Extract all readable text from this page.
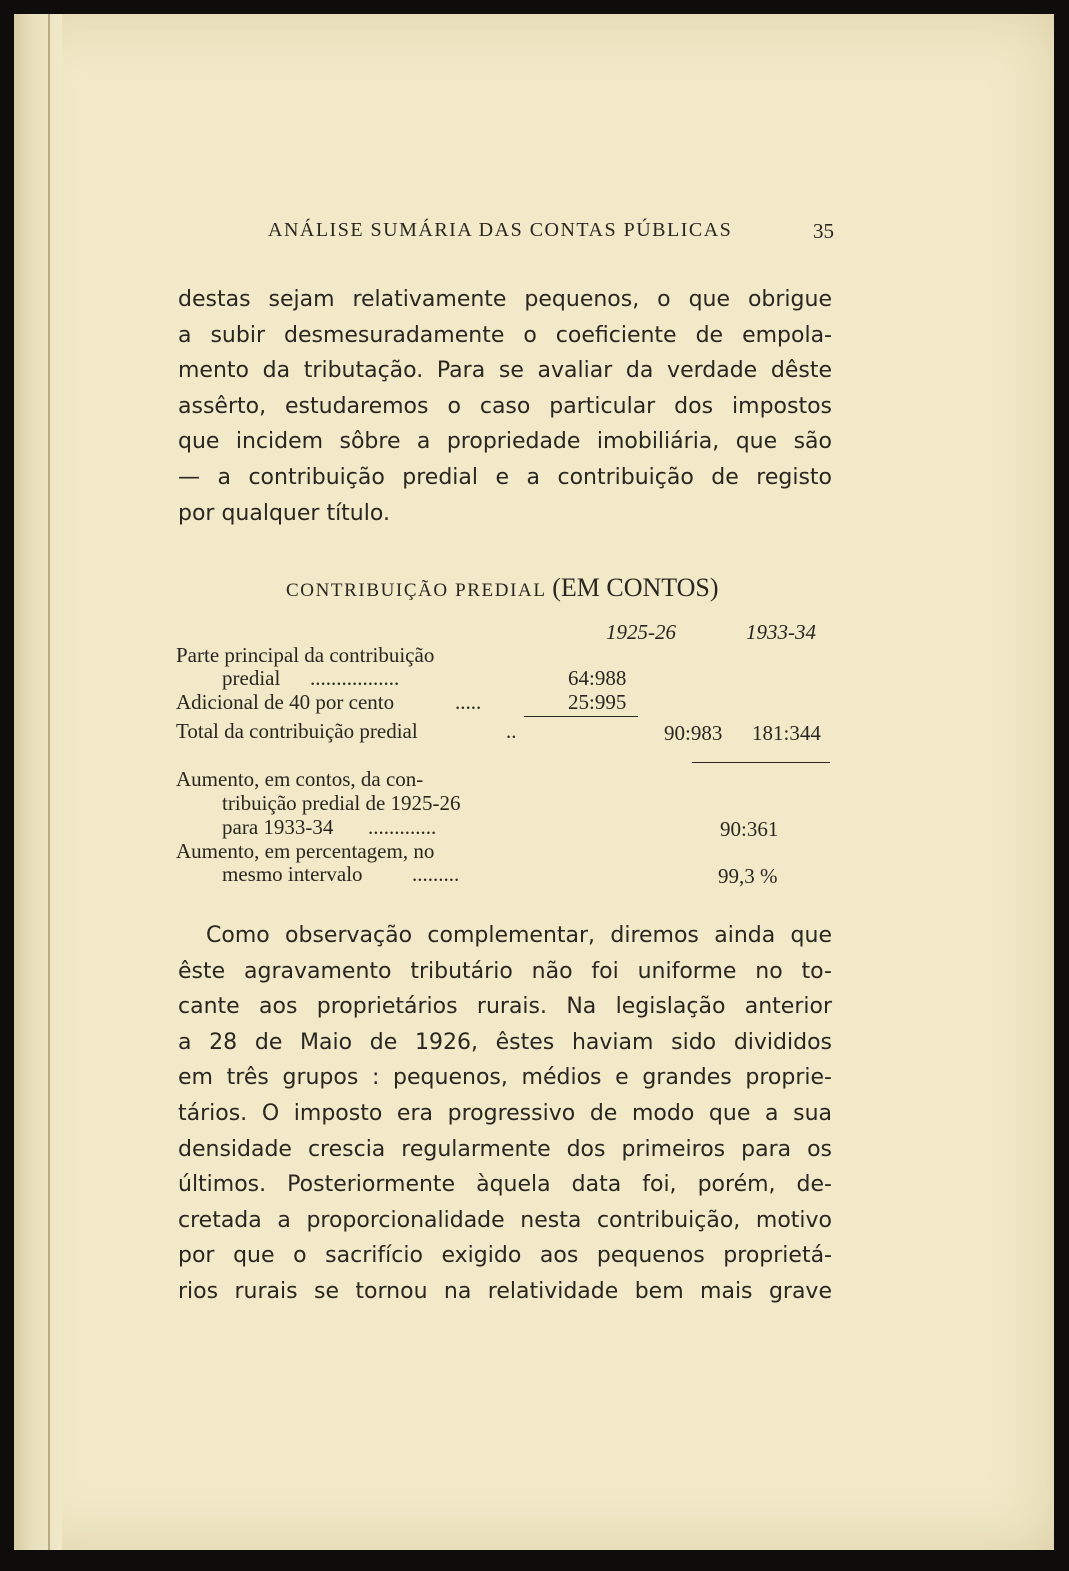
ANÁLISE SUMÁRIA DAS CONTAS PÚBLICAS	35

destas sejam relativamente pequenos, o que obrigue
a subir desmesuradamente o coeficiente de empola-
mento da tributação. Para se avaliar da verdade dêste
assêrto, estudaremos o caso particular dos impostos
que incidem sôbre a propriedade imobiliária, que são
— a contribuição predial e a contribuição de registo
por qualquer título.

CONTRIBUIÇÃO PREDIAL (EM CONTOS)
1925-26	1933-34
Parte principal da contribuição
predial .................	64:988
Adicional de 40 por cento	.....	25:995
Total da contribuição predial	..	90:983 181:344
Aumento, em contos, da con-
tribuição predial de 1925-26
para 1933-34 .............	90:361
Aumento, em percentagem, no
mesmo intervalo .........	99,3 %

Como observação complementar, diremos ainda que
êste agravamento tributário não foi uniforme no to-
cante aos proprietários rurais. Na legislação anterior
a 28 de Maio de 1926, êstes haviam sido divididos
em três grupos : pequenos, médios e grandes proprie-
tários. O imposto era progressivo de modo que a sua
densidade crescia regularmente dos primeiros para os
últimos. Posteriormente àquela data foi, porém, de-
cretada a proporcionalidade nesta contribuição, motivo
por que o sacrifício exigido aos pequenos proprietá-
rios rurais se tornou na relatividade bem mais grave
